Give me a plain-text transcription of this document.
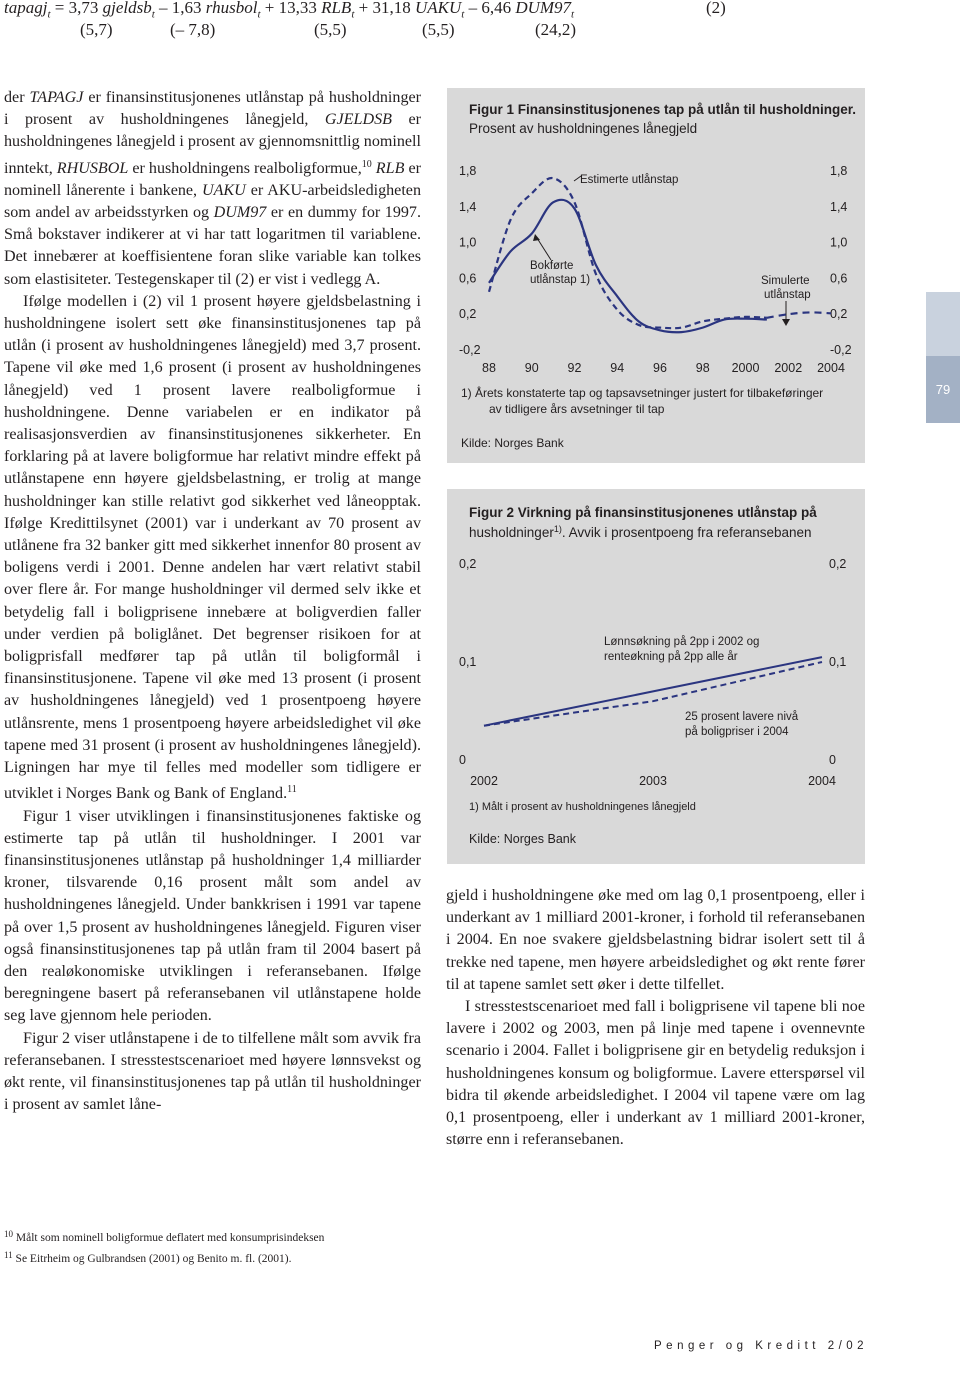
tapagj$_t$ = 3,73 gjeldsb$_t$ – 1,63 rhusbol$_t$ + 13,33 $RLB_t + 31,18$ $UAKU_t - 6,46$ $DUM97_t$	(2)
(5,7)	(– 7,8)	(5,5)	(5,5)	(24,2)

der TAPAGJ er finansinstitusjonenes utlånstap på husholdninger i prosent av husholdningenes lånegjeld, GJELDSB er husholdningenes lånegjeld i prosent av gjennomsnittlig nominell inntekt, RHUSBOL er husholdningens realboligformue,$^{10}$ RLB er nominell lånerente i bankene, UAKU er AKU-arbeidsledigheten som andel av arbeidsstyrken og DUM97 er en dummy for 1997. Små bokstaver indikerer at vi har tatt logaritmen til variablene. Det innebærer at koeffisientene foran slike variable kan tolkes som elastisiteter. Testegenskaper til (2) er vist i vedlegg A.

Ifølge modellen i (2) vil 1 prosent høyere gjeldsbelastning i husholdningene isolert sett øke finansinstitusjonenes tap på utlån (i prosent av husholdningenes lånegjeld) med 3,7 prosent. Tapene vil øke med 1,6 prosent (i prosent av husholdningenes lånegjeld) ved 1 prosent lavere realboligformue i husholdningene. Denne variabelen er en indikator på realisasjonsverdien av finansinstitusjonenes sikkerheter. En forklaring på at lavere boligformue har relativt mindre effekt på utlånstapene enn høyere gjeldsbelastning, er trolig at mange husholdninger kan stille relativt god sikkerhet ved låneopptak. Ifølge Kredittilsynet (2001) var i underkant av 70 prosent av utlånene fra 32 banker gitt med sikkerhet innenfor 80 prosent av boligens verdi i 2001. Denne andelen har vært relativt stabil over flere år. For mange husholdninger vil dermed selv ikke et betydelig fall i boligprisene innebære at boligverdien faller under verdien på boliglånet. Det begrenser risikoen for at boligprisfall medfører tap på utlån til boligformål i finansinstitusjonene. Tapene vil øke med 13 prosent (i prosent av husholdningenes lånegjeld) ved 1 prosentpoeng høyere utlånsrente, mens 1 prosentpoeng høyere arbeidsledighet vil øke tapene med 31 prosent (i prosent av husholdningenes lånegjeld). Ligningen har mye til felles med modeller som tidligere er utviklet i Norges Bank og Bank of England.$^{11}$

Figur 1 viser utviklingen i finansinstitusjonenes faktiske og estimerte tap på utlån til husholdninger. I 2001 var finansinstitusjonenes utlånstap på husholdninger 1,4 milliarder kroner, tilsvarende 0,16 prosent målt som andel av husholdningenes lånegjeld. Under bankkrisen i 1991 var tapene på over 1,5 prosent av husholdningenes lånegjeld. Figuren viser også finansinstitusjonenes tap på utlån fram til 2004 basert på den realøkonomiske utviklingen i referansebanen. Ifølge beregningene basert på referansebanen vil utlånstapene holde seg lave gjennom hele perioden.

Figur 2 viser utlånstapene i de to tilfellene målt som avvik fra referansebanen. I stresstestscenarioet med høyere lønnsvekst og økt rente, vil finansinstitusjonenes tap på utlån til husholdninger i prosent av samlet låne-

Figur 1 Finansinstitusjonenes tap på utlån til husholdninger.
Prosent av husholdningenes lånegjeld
1,8
1,4
1,0
0,6
0,2
-0,2
1,8
1,4
1,0
0,6
0,2
-0,2
88 90 92 94 96 98 2000 2002 2004
Estimerte utlånstap
Bokførte
utlånstap 1)	Simulerte
utlånstap
1) Årets konstaterte tap og tapsavsetninger justert for tilbakeføringer
av tidligere års avsetninger til tap
Kilde: Norges Bank
Figur 2 Virkning på finansinstitusjonenes utlånstap på
husholdninger$^{1)}$. Avvik i prosentpoeng fra referansebanen
0,2
0,1
0
0,2
0,1
0
2002	2003	2004
Lønnsøkning på 2pp i 2002 og
renteøkning på 2pp alle år
25 prosent lavere nivå
på boligpriser i 2004
1) Målt i prosent av husholdningenes lånegjeld
Kilde: Norges Bank

gjeld i husholdningene øke med om lag 0,1 prosentpoeng, eller i underkant av 1 milliard 2001-kroner, i forhold til referansebanen i 2004. En noe svakere gjeldsbelastning bidrar isolert sett til å trekke ned tapene, men høyere arbeidsledighet og økt rente fører til at tapene samlet sett øker i dette tilfellet.

I stresstestscenarioet med fall i boligprisene vil tapene bli noe lavere i 2002 og 2003, men på linje med tapene i ovennevnte scenario i 2004. Fallet i boligprisene gir en betydelig reduksjon i husholdningenes konsum og boligformue. Lavere etterspørsel vil bidra til økende arbeidsledighet. I 2004 vil tapene være om lag 0,1 prosentpoeng, eller i underkant av 1 milliard 2001-kroner, større enn i referansebanen.

$^{10}$ Målt som nominell boligformue deflatert med konsumprisindeksen
$^{11}$ Se Eitrheim og Gulbrandsen (2001) og Benito m. fl. (2001).
79
Penger og Kreditt 2/02
